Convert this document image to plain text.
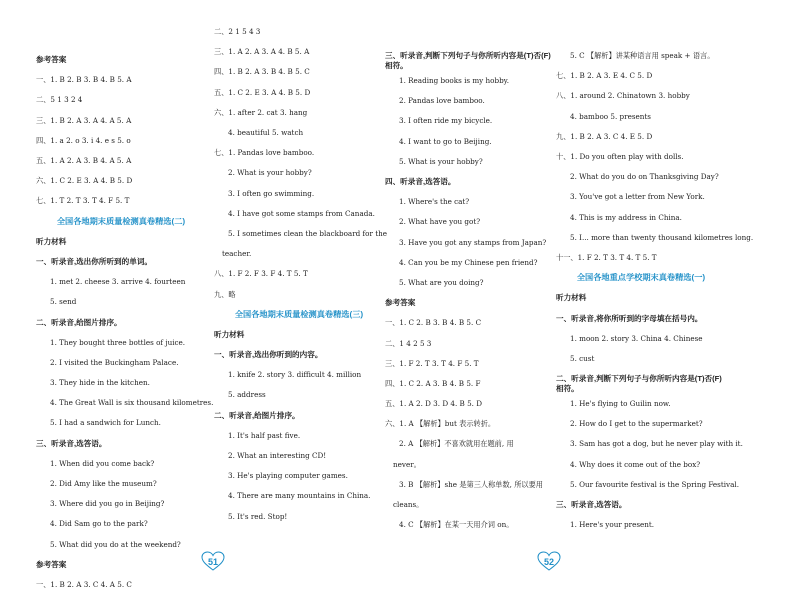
参考答案
一、1. B 2. B 3. B 4. B 5. A
二、5 1 3 2 4
三、1. B 2. A 3. A 4. A 5. A
四、1. a 2. o 3. i 4. e s 5. o
五、1. A 2. A 3. B 4. A 5. A
六、1. C 2. E 3. A 4. B 5. D
七、1. T 2. T 3. T 4. F 5. T
全国各地期末质量检测真卷精选(二)
听力材料
一、听录音,选出你所听到的单词。
1. met 2. cheese 3. arrive 4. fourteen
5. send
二、听录音,给图片排序。
1. They bought three bottles of juice.
2. I visited the Buckingham Palace.
3. They hide in the kitchen.
4. The Great Wall is six thousand kilometres.
5. I had a sandwich for Lunch.
三、听录音,选答语。
1. When did you come back?
2. Did Amy like the museum?
3. Where did you go in Beijing?
4. Did Sam go to the park?
5. What did you do at the weekend?
参考答案
一、1. B 2. A 3. C 4. A 5. C
二、2 1 5 4 3
三、1. A 2. A 3. A 4. B 5. A
四、1. B 2. A 3. B 4. B 5. C
五、1. C 2. E 3. A 4. B 5. D
六、1. after 2. cat 3. hang
4. beautiful 5. watch
七、1. Pandas love bamboo.
2. What is your hobby?
3. I often go swimming.
4. I have got some stamps from Canada.
5. I sometimes clean the blackboard for the
teacher.
八、1. F 2. F 3. F 4. T 5. T
九、略
全国各地期末质量检测真卷精选(三)
听力材料
一、听录音,选出你听到的内容。
1. knife 2. story 3. difficult 4. million
5. address
二、听录音,给图片排序。
1. It's half past five.
2. What an interesting CD!
3. He's playing computer games.
4. There are many mountains in China.
5. It's red. Stop!
三、听录音,判断下列句子与你所听内容是(T)否(F)相符。
1. Reading books is my hobby.
2. Pandas love bamboo.
3. I often ride my bicycle.
4. I want to go to Beijing.
5. What is your hobby?
四、听录音,选答语。
1. Where's the cat?
2. What have you got?
3. Have you got any stamps from Japan?
4. Can you be my Chinese pen friend?
5. What are you doing?
参考答案
一、1. C 2. B 3. B 4. B 5. C
二、1 4 2 5 3
三、1. F 2. T 3. T 4. F 5. T
四、1. C 2. A 3. B 4. B 5. F
五、1. A 2. D 3. D 4. B 5. D
六、1. A 【解析】but 表示转折。
2. A 【解析】不喜欢就用在题前, 用
never。
3. B 【解析】she 是第三人称单数, 所以要用
cleans。
4. C 【解析】在某一天用介词 on。
5. C 【解析】讲某种语言用 speak + 语言。
七、1. B 2. A 3. E 4. C 5. D
八、1. around 2. Chinatown 3. hobby
4. bamboo 5. presents
九、1. B 2. A 3. C 4. E 5. D
十、1. Do you often play with dolls.
2. What do you do on Thanksgiving Day?
3. You've got a letter from New York.
4. This is my address in China.
5. I... more than twenty thousand kilometres long.
十一、1. F 2. T 3. T 4. T 5. T
全国各地重点学校期末真卷精选(一)
听力材料
一、听录音,将你所听到的字母填在括号内。
1. moon 2. story 3. China 4. Chinese
5. cust
二、听录音,判断下列句子与你所听内容是(T)否(F)相符。
1. He's flying to Guilin now.
2. How do I get to the supermarket?
3. Sam has got a dog, but he never play with it.
4. Why does it come out of the box?
5. Our favourite festival is the Spring Festival.
三、听录音,选答语。
1. Here's your present.
51	52
